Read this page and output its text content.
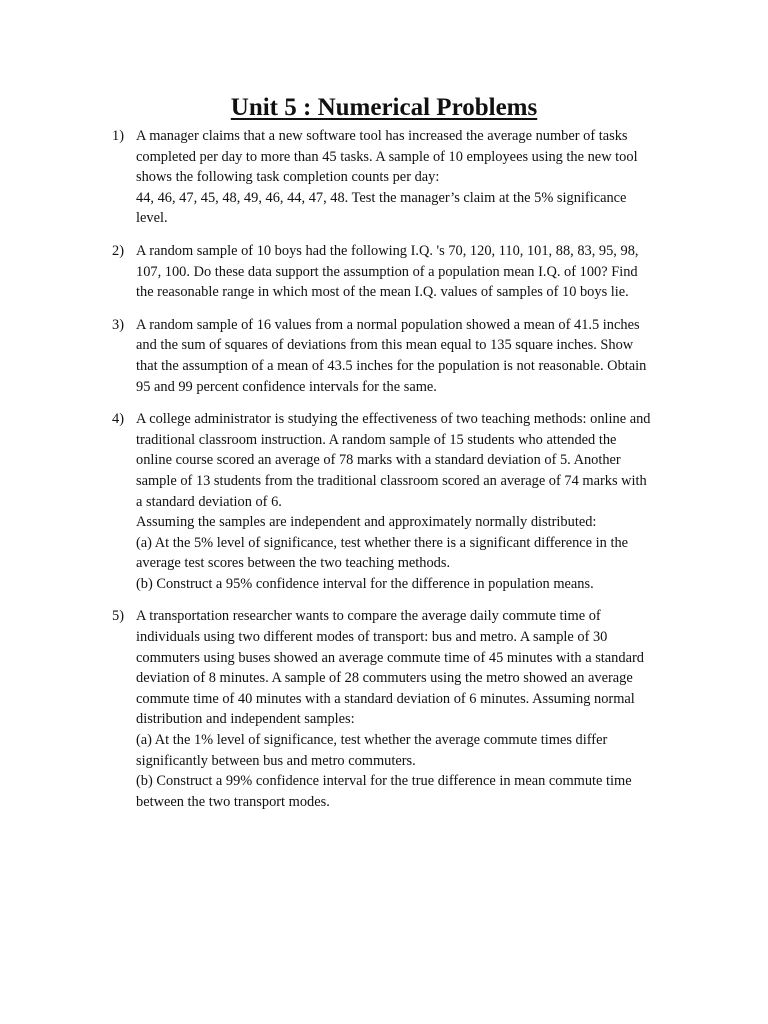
Unit 5 : Numerical Problems
1) A manager claims that a new software tool has increased the average number of tasks
completed per day to more than 45 tasks. A sample of 10 employees using the new tool
shows the following task completion counts per day:
44, 46, 47, 45, 48, 49, 46, 44, 47, 48. Test the manager’s claim at the 5% significance
level.
2) A random sample of 10 boys had the following I.Q. 's 70, 120, 110, 101, 88, 83, 95, 98,
107, 100. Do these data support the assumption of a population mean I.Q. of 100? Find
the reasonable range in which most of the mean I.Q. values of samples of 10 boys lie.
3) A random sample of 16 values from a normal population showed a mean of 41.5 inches
and the sum of squares of deviations from this mean equal to 135 square inches. Show
that the assumption of a mean of 43.5 inches for the population is not reasonable. Obtain
95 and 99 percent confidence intervals for the same.
4) A college administrator is studying the effectiveness of two teaching methods: online and
traditional classroom instruction. A random sample of 15 students who attended the
online course scored an average of 78 marks with a standard deviation of 5. Another
sample of 13 students from the traditional classroom scored an average of 74 marks with
a standard deviation of 6.
Assuming the samples are independent and approximately normally distributed:
(a) At the 5% level of significance, test whether there is a significant difference in the
average test scores between the two teaching methods.
(b) Construct a 95% confidence interval for the difference in population means.
5) A transportation researcher wants to compare the average daily commute time of
individuals using two different modes of transport: bus and metro. A sample of 30
commuters using buses showed an average commute time of 45 minutes with a standard
deviation of 8 minutes. A sample of 28 commuters using the metro showed an average
commute time of 40 minutes with a standard deviation of 6 minutes. Assuming normal
distribution and independent samples:
(a) At the 1% level of significance, test whether the average commute times differ
significantly between bus and metro commuters.
(b) Construct a 99% confidence interval for the true difference in mean commute time
between the two transport modes.
